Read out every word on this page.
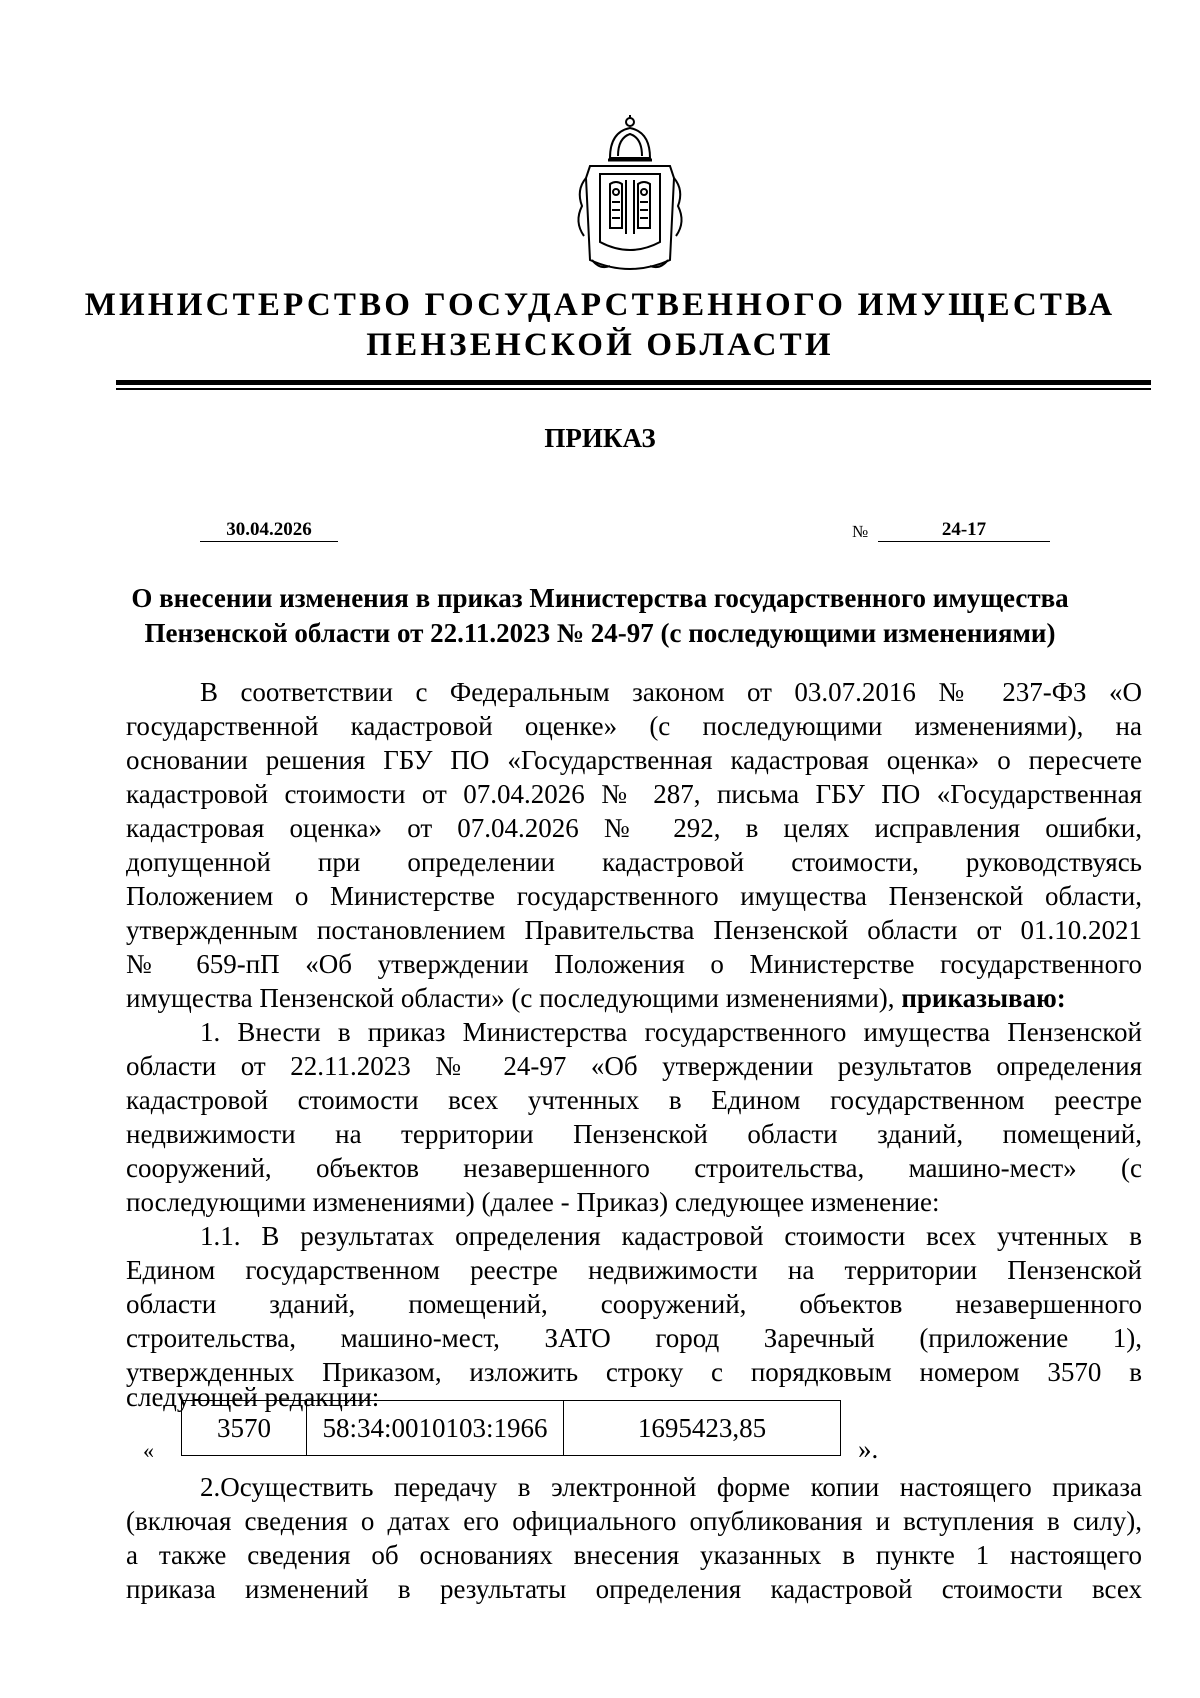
МИНИСТЕРСТВО ГОСУДАРСТВЕННОГО ИМУЩЕСТВА
ПЕНЗЕНСКОЙ ОБЛАСТИ
ПРИКАЗ
30.04.2026	№	24-17
О внесении изменения в приказ Министерства государственного имущества
Пензенской области от 22.11.2023 № 24-97 (с последующими изменениями)
В соответствии с Федеральным законом от 03.07.2016 № 237-ФЗ «О
государственной кадастровой оценке» (с последующими изменениями), на
основании решения ГБУ ПО «Государственная кадастровая оценка» о пересчете
кадастровой стоимости от 07.04.2026 № 287, письма ГБУ ПО «Государственная
кадастровая оценка» от 07.04.2026 № 292, в целях исправления ошибки,
допущенной при определении кадастровой стоимости, руководствуясь
Положением о Министерстве государственного имущества Пензенской области,
утвержденным постановлением Правительства Пензенской области от 01.10.2021
№ 659-пП «Об утверждении Положения о Министерстве государственного
имущества Пензенской области» (с последующими изменениями), приказываю:
1. Внести в приказ Министерства государственного имущества Пензенской
области от 22.11.2023 № 24-97 «Об утверждении результатов определения
кадастровой стоимости всех учтенных в Едином государственном реестре
недвижимости на территории Пензенской области зданий, помещений,
сооружений, объектов незавершенного строительства, машино-мест» (с
последующими изменениями) (далее - Приказ) следующее изменение:
1.1. В результатах определения кадастровой стоимости всех учтенных в
Едином государственном реестре недвижимости на территории Пензенской
области зданий, помещений, сооружений, объектов незавершенного
строительства, машино-мест, ЗАТО город Заречный (приложение 1),
утвержденных Приказом, изложить строку с порядковым номером 3570 в
следующей редакции:
«
3570	58:34:0010103:1966	1695423,85
».
2.Осуществить передачу в электронной форме копии настоящего приказа
(включая сведения о датах его официального опубликования и вступления в силу),
а также сведения об основаниях внесения указанных в пункте 1 настоящего
приказа изменений в результаты определения кадастровой стоимости всех
